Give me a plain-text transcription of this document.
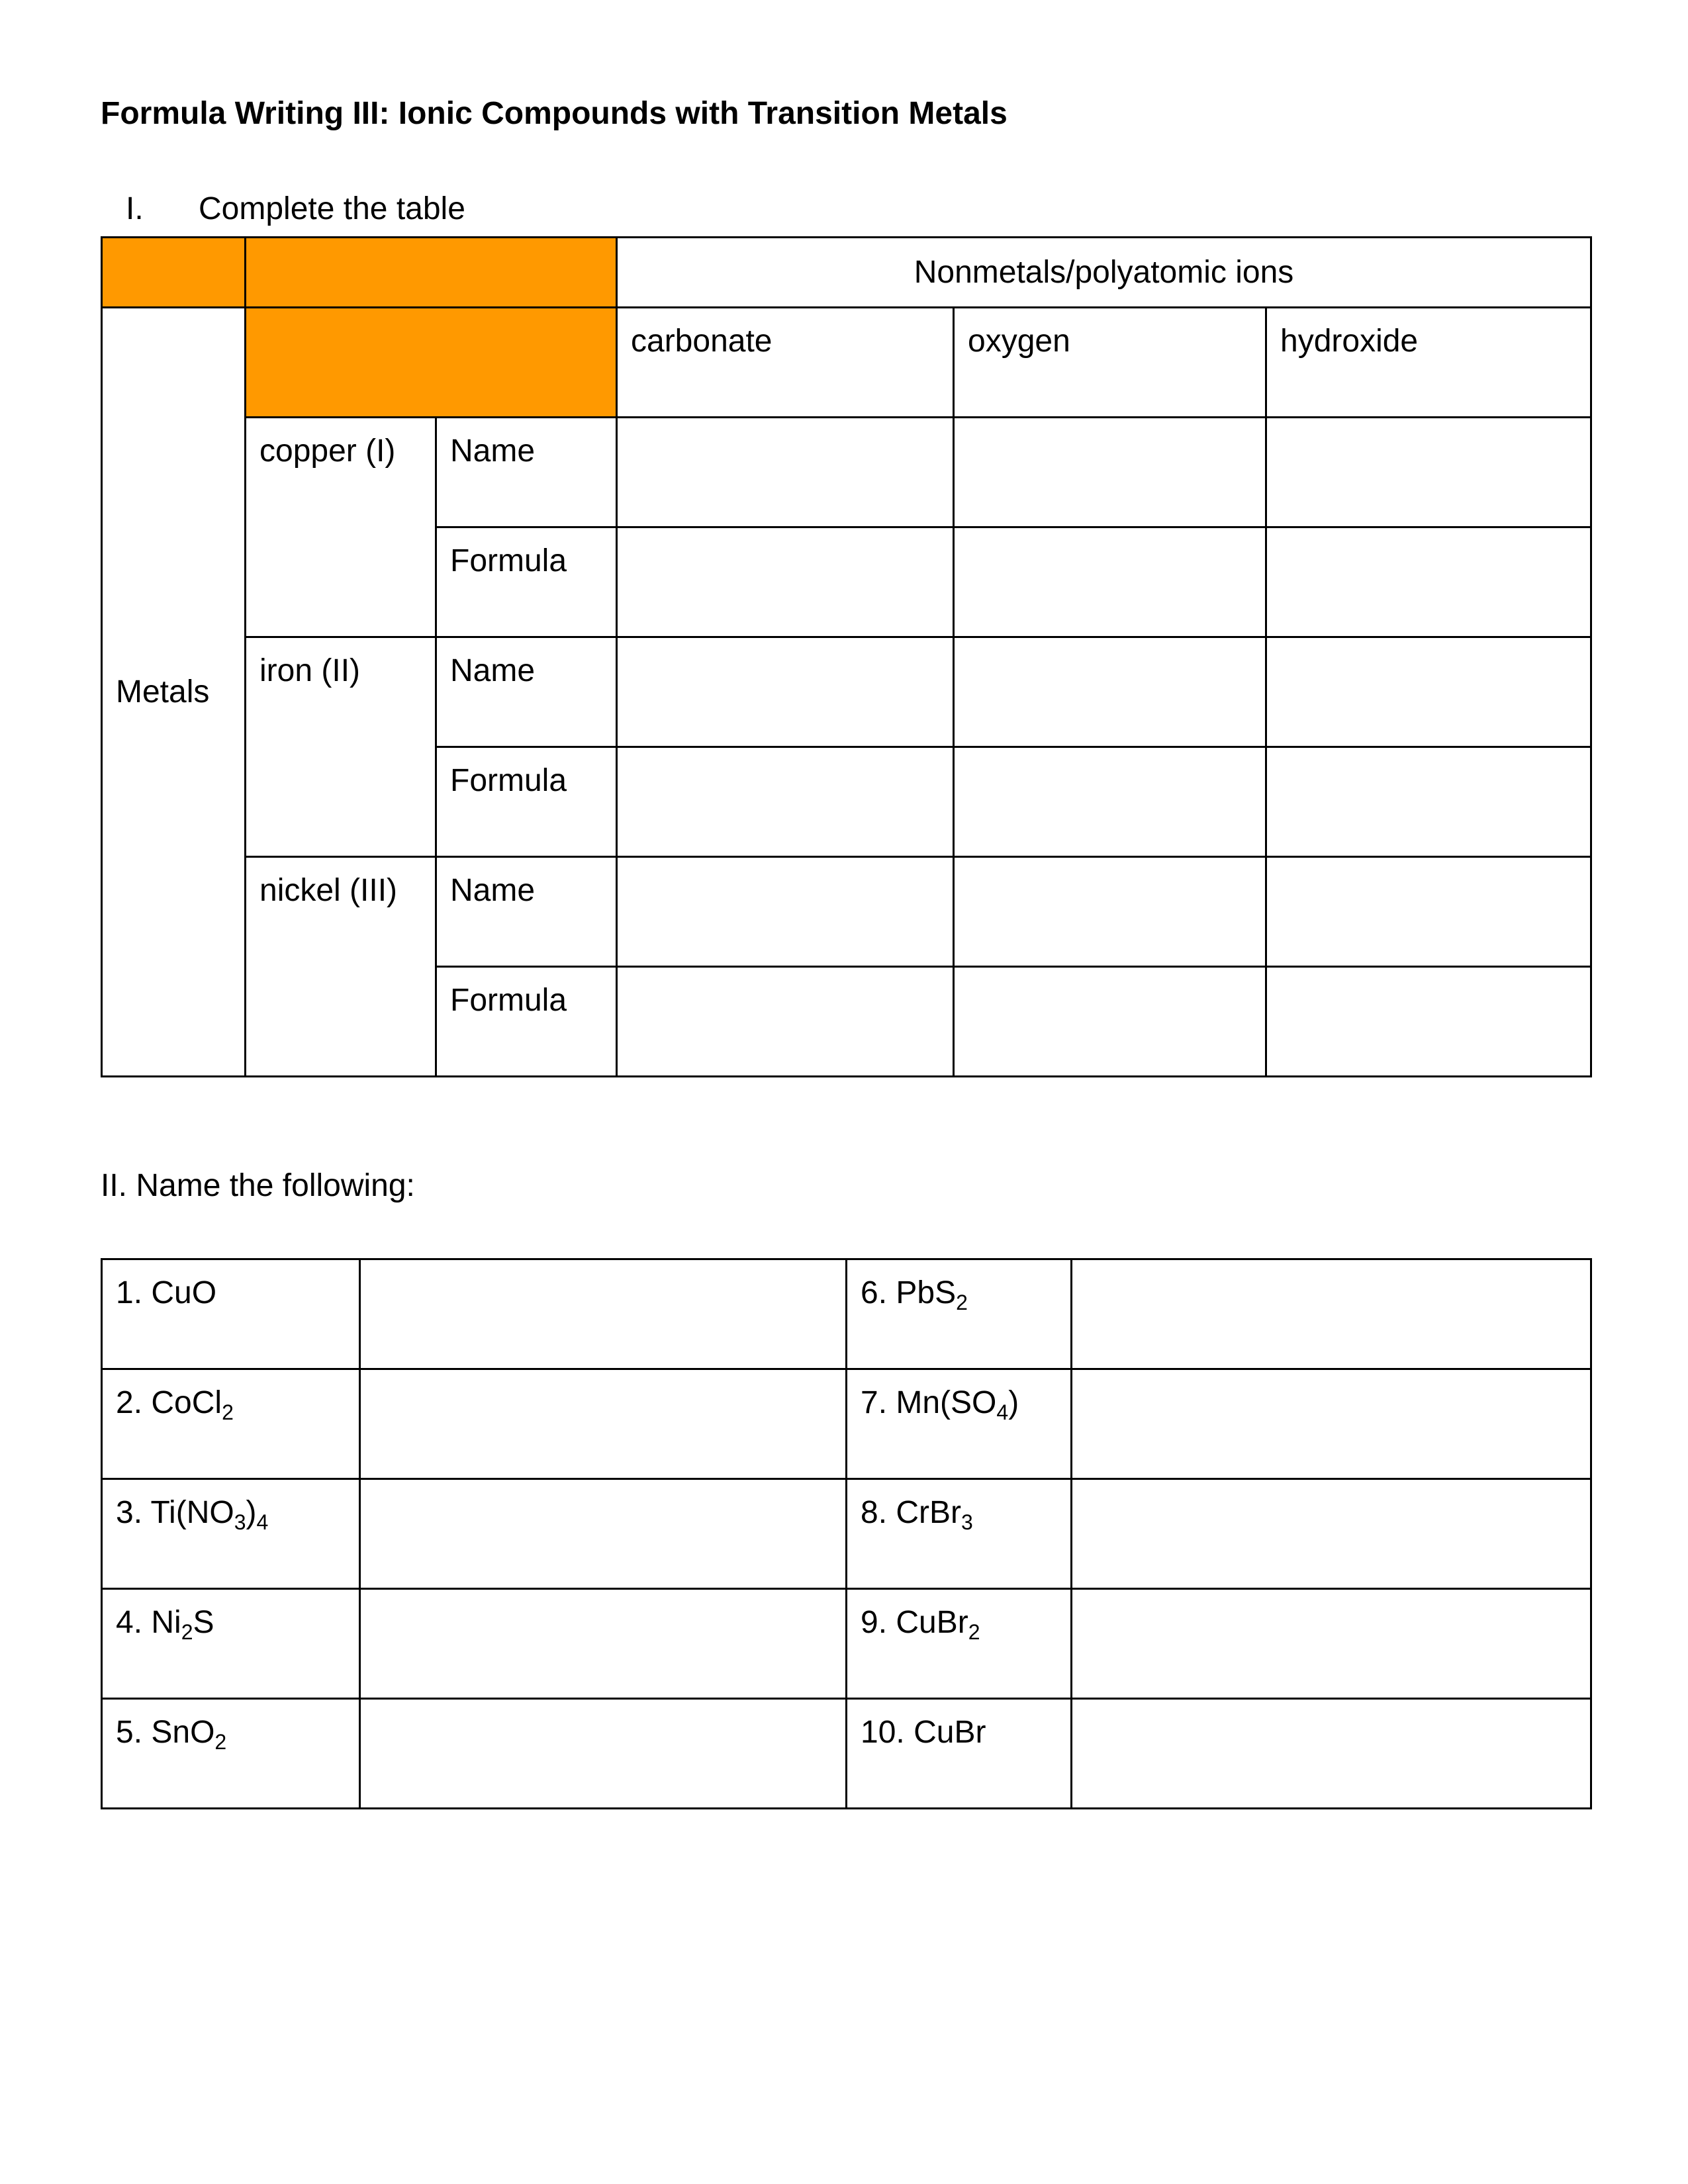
Formula Writing III: Ionic Compounds with Transition Metals
I. Complete the table
			Nonmetals/polyatomic ions		
Metals			carbonate	oxygen	hydroxide
	copper (I)	Name			
		Formula			
	iron (II)	Name			
		Formula			
	nickel (III)	Name			
		Formula			
II. Name the following:
1. CuO		6. PbS$_2$	
2. CoCl$_2$		7. $Mn(SO_4)$	
3. $Ti(NO_3)_4$		8. CrBr$_3$	
4. $Ni_2S$		9. CuBr$_2$	
5. SnO$_2$		10. CuBr	
